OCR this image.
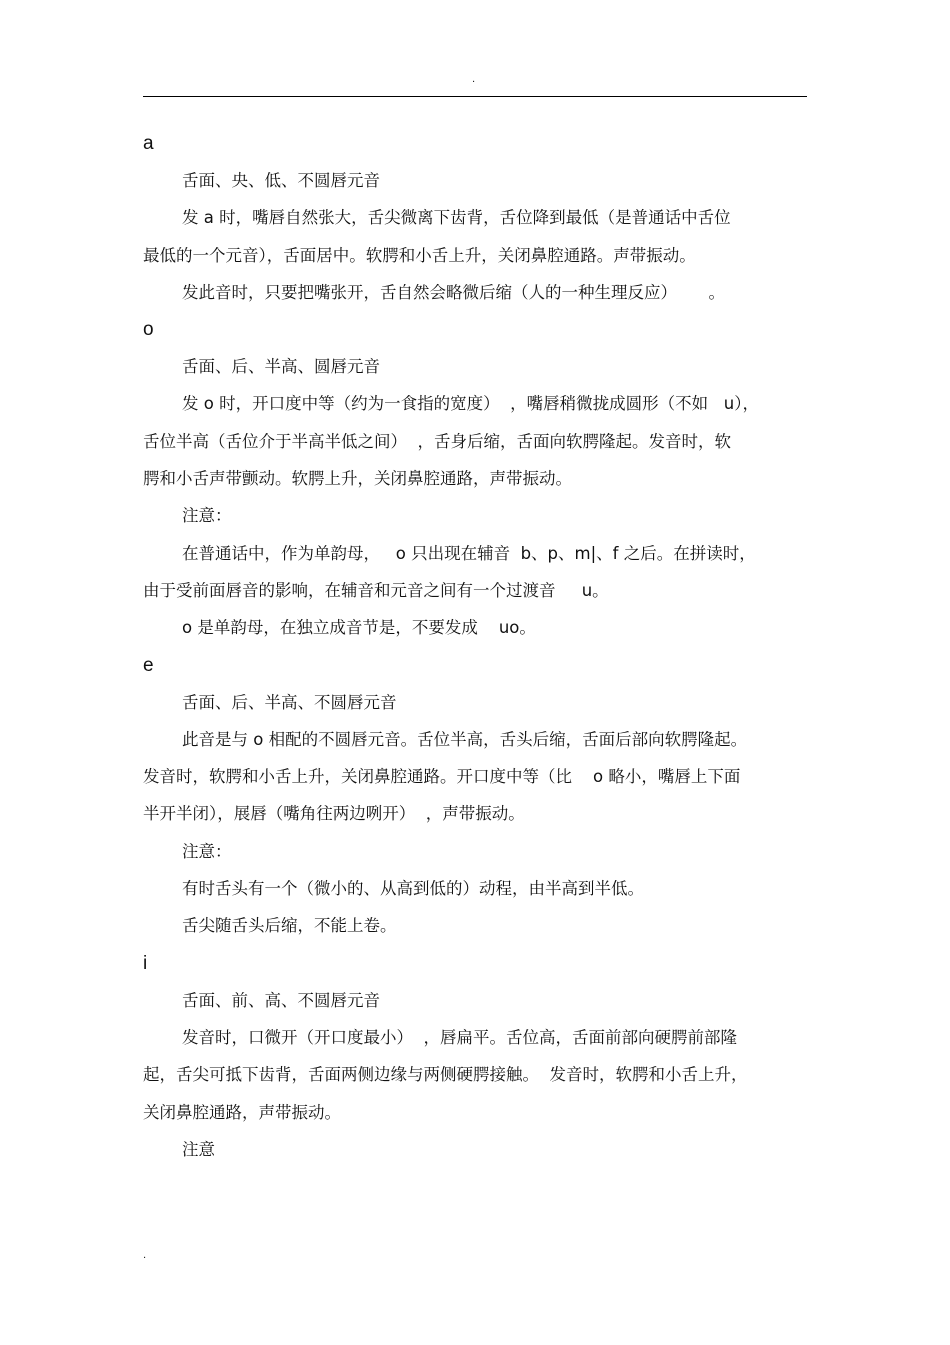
.
a
舌面、央、低、不圆唇元音
发 a 时，嘴唇自然张大，舌尖微离下齿背，舌位降到最低（是普通话中舌位
最低的一个元音），舌面居中。软腭和小舌上升，关闭鼻腔通路。声带振动。
发此音时，只要把嘴张开，舌自然会略微后缩（人的一种生理反应）      。
o
舌面、后、半高、圆唇元音
发 o 时，开口度中等（约为一食指的宽度）  ，嘴唇稍微拢成圆形（不如   u），
舌位半高（舌位介于半高半低之间）  ，舌身后缩，舌面向软腭隆起。发音时，软
腭和小舌声带颤动。软腭上升，关闭鼻腔通路，声带振动。
注意：
在普通话中，作为单韵母，   o 只出现在辅音  b、p、m|、f 之后。在拼读时，
由于受前面唇音的影响，在辅音和元音之间有一个过渡音     u。
o 是单韵母，在独立成音节是，不要发成    uo。
e
舌面、后、半高、不圆唇元音
此音是与 o 相配的不圆唇元音。舌位半高，舌头后缩，舌面后部向软腭隆起。
发音时，软腭和小舌上升，关闭鼻腔通路。开口度中等（比    o 略小，嘴唇上下面
半开半闭），展唇（嘴角往两边咧开）  ，声带振动。
注意：
有时舌头有一个（微小的、从高到低的）动程，由半高到半低。
舌尖随舌头后缩，不能上卷。
i
舌面、前、高、不圆唇元音
发音时，口微开（开口度最小）  ，唇扁平。舌位高，舌面前部向硬腭前部隆
起，舌尖可抵下齿背，舌面两侧边缘与两侧硬腭接触。  发音时，软腭和小舌上升，
关闭鼻腔通路，声带振动。
注意
.
